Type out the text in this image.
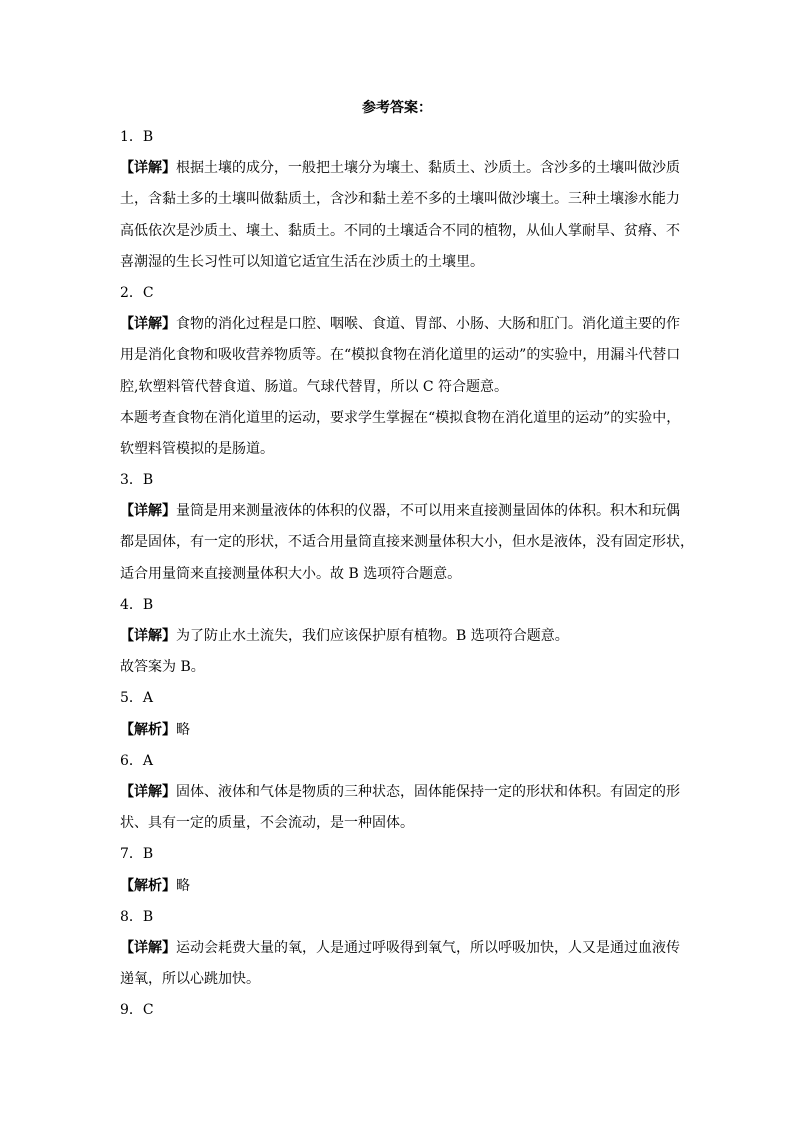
参考答案：
1．B
【详解】根据土壤的成分，一般把土壤分为壤土、黏质土、沙质土。含沙多的土壤叫做沙质
土，含黏土多的土壤叫做黏质土，含沙和黏土差不多的土壤叫做沙壤土。三种土壤渗水能力
高低依次是沙质土、壤土、黏质土。不同的土壤适合不同的植物，从仙人掌耐旱、贫瘠、不
喜潮湿的生长习性可以知道它适宜生活在沙质土的土壤里。
2．C
【详解】食物的消化过程是口腔、咽喉、食道、胃部、小肠、大肠和肛门。消化道主要的作
用是消化食物和吸收营养物质等。在“模拟食物在消化道里的运动”的实验中，用漏斗代替口
腔,软塑料管代替食道、肠道。气球代替胃，所以 C 符合题意。
本题考查食物在消化道里的运动，要求学生掌握在“模拟食物在消化道里的运动”的实验中，
软塑料管模拟的是肠道。
3．B
【详解】量筒是用来测量液体的体积的仪器，不可以用来直接测量固体的体积。积木和玩偶
都是固体，有一定的形状，不适合用量筒直接来测量体积大小，但水是液体，没有固定形状，
适合用量筒来直接测量体积大小。故 B 选项符合题意。
4．B
【详解】为了防止水土流失，我们应该保护原有植物。B 选项符合题意。
故答案为 B。
5．A
【解析】略
6．A
【详解】固体、液体和气体是物质的三种状态，固体能保持一定的形状和体积。有固定的形
状、具有一定的质量，不会流动，是一种固体。
7．B
【解析】略
8．B
【详解】运动会耗费大量的氧，人是通过呼吸得到氧气，所以呼吸加快，人又是通过血液传
递氧，所以心跳加快。
9．C
